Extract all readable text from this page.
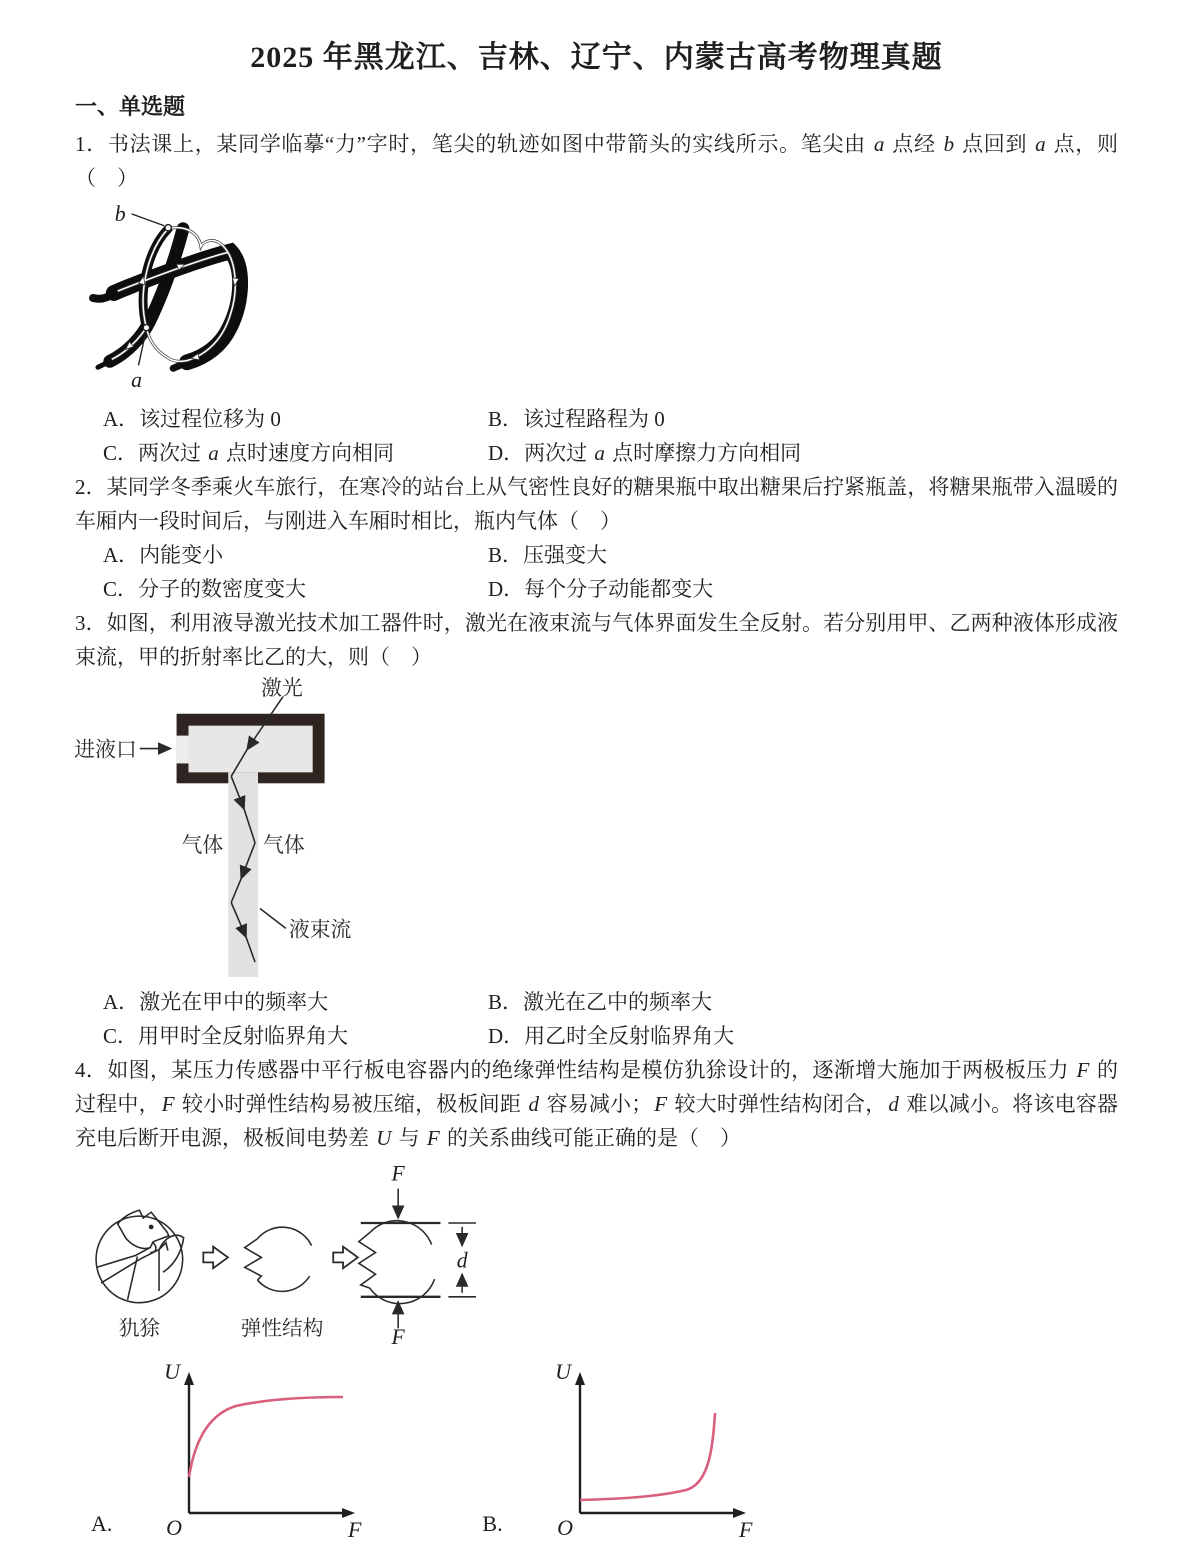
2025 年黑龙江、吉林、辽宁、内蒙古高考物理真题
一、单选题

1．书法课上，某同学临摹“力”字时，笔尖的轨迹如图中带箭头的实线所示。笔尖由 a 点经 b 点回到 a 点，则（　）

b
a
A．该过程位移为 0	B．该过程路程为 0
C．两次过 a 点时速度方向相同	D．两次过 a 点时摩擦力方向相同

2．某同学冬季乘火车旅行，在寒冷的站台上从气密性良好的糖果瓶中取出糖果后拧紧瓶盖，将糖果瓶带入温暖的车厢内一段时间后，与刚进入车厢时相比，瓶内气体（　）

A．内能变小	B．压强变大
C．分子的数密度变大	D．每个分子动能都变大

3．如图，利用液导激光技术加工器件时，激光在液束流与气体界面发生全反射。若分别用甲、乙两种液体形成液束流，甲的折射率比乙的大，则（　）

激光
进液口
气体 气体
液束流
A．激光在甲中的频率大	B．激光在乙中的频率大
C．用甲时全反射临界角大	D．用乙时全反射临界角大

4．如图，某压力传感器中平行板电容器内的绝缘弹性结构是模仿犰狳设计的，逐渐增大施加于两极板压力 F 的过程中，F 较小时弹性结构易被压缩，极板间距 d 容易减小；F 较大时弹性结构闭合，d 难以减小。将该电容器充电后断开电源，极板间电势差 U 与 F 的关系曲线可能正确的是（　）

F
F
d
犰狳	弹性结构
A.
U
O	F	B.
U
O	F
